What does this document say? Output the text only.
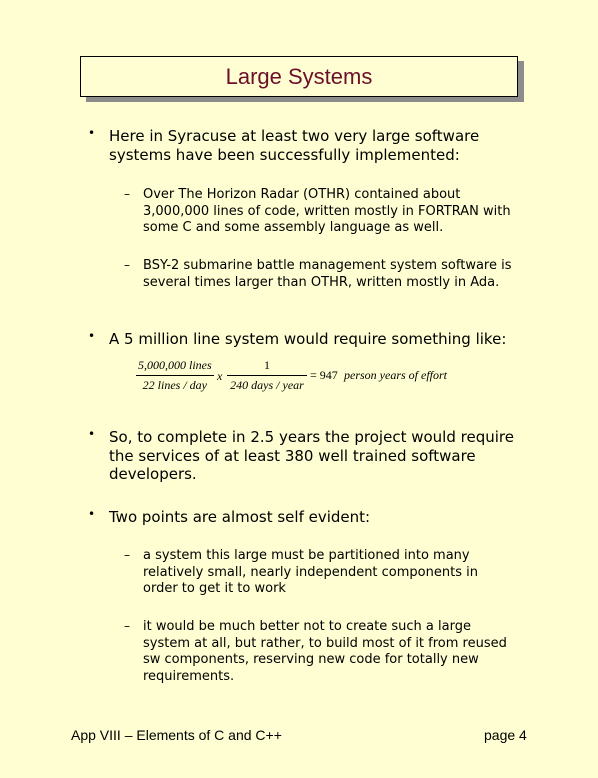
Large Systems
• Here in Syracuse at least two very large software systems have been successfully implemented:
– Over The Horizon Radar (OTHR) contained about 3,000,000 lines of code, written mostly in FORTRAN with some C and some assembly language as well.
– BSY-2 submarine battle management system software is several times larger than OTHR, written mostly in Ada.
• A 5 million line system would require something like:
5,000,000 lines
22 lines / day
x
1
240 days / year
= 947 person years of effort
• So, to complete in 2.5 years the project would require the services of at least 380 well trained software developers.
• Two points are almost self evident:
– a system this large must be partitioned into many relatively small, nearly independent components in order to get it to work
– it would be much better not to create such a large system at all, but rather, to build most of it from reused sw components, reserving new code for totally new requirements.
App VIII – Elements of C and C++	page 4
